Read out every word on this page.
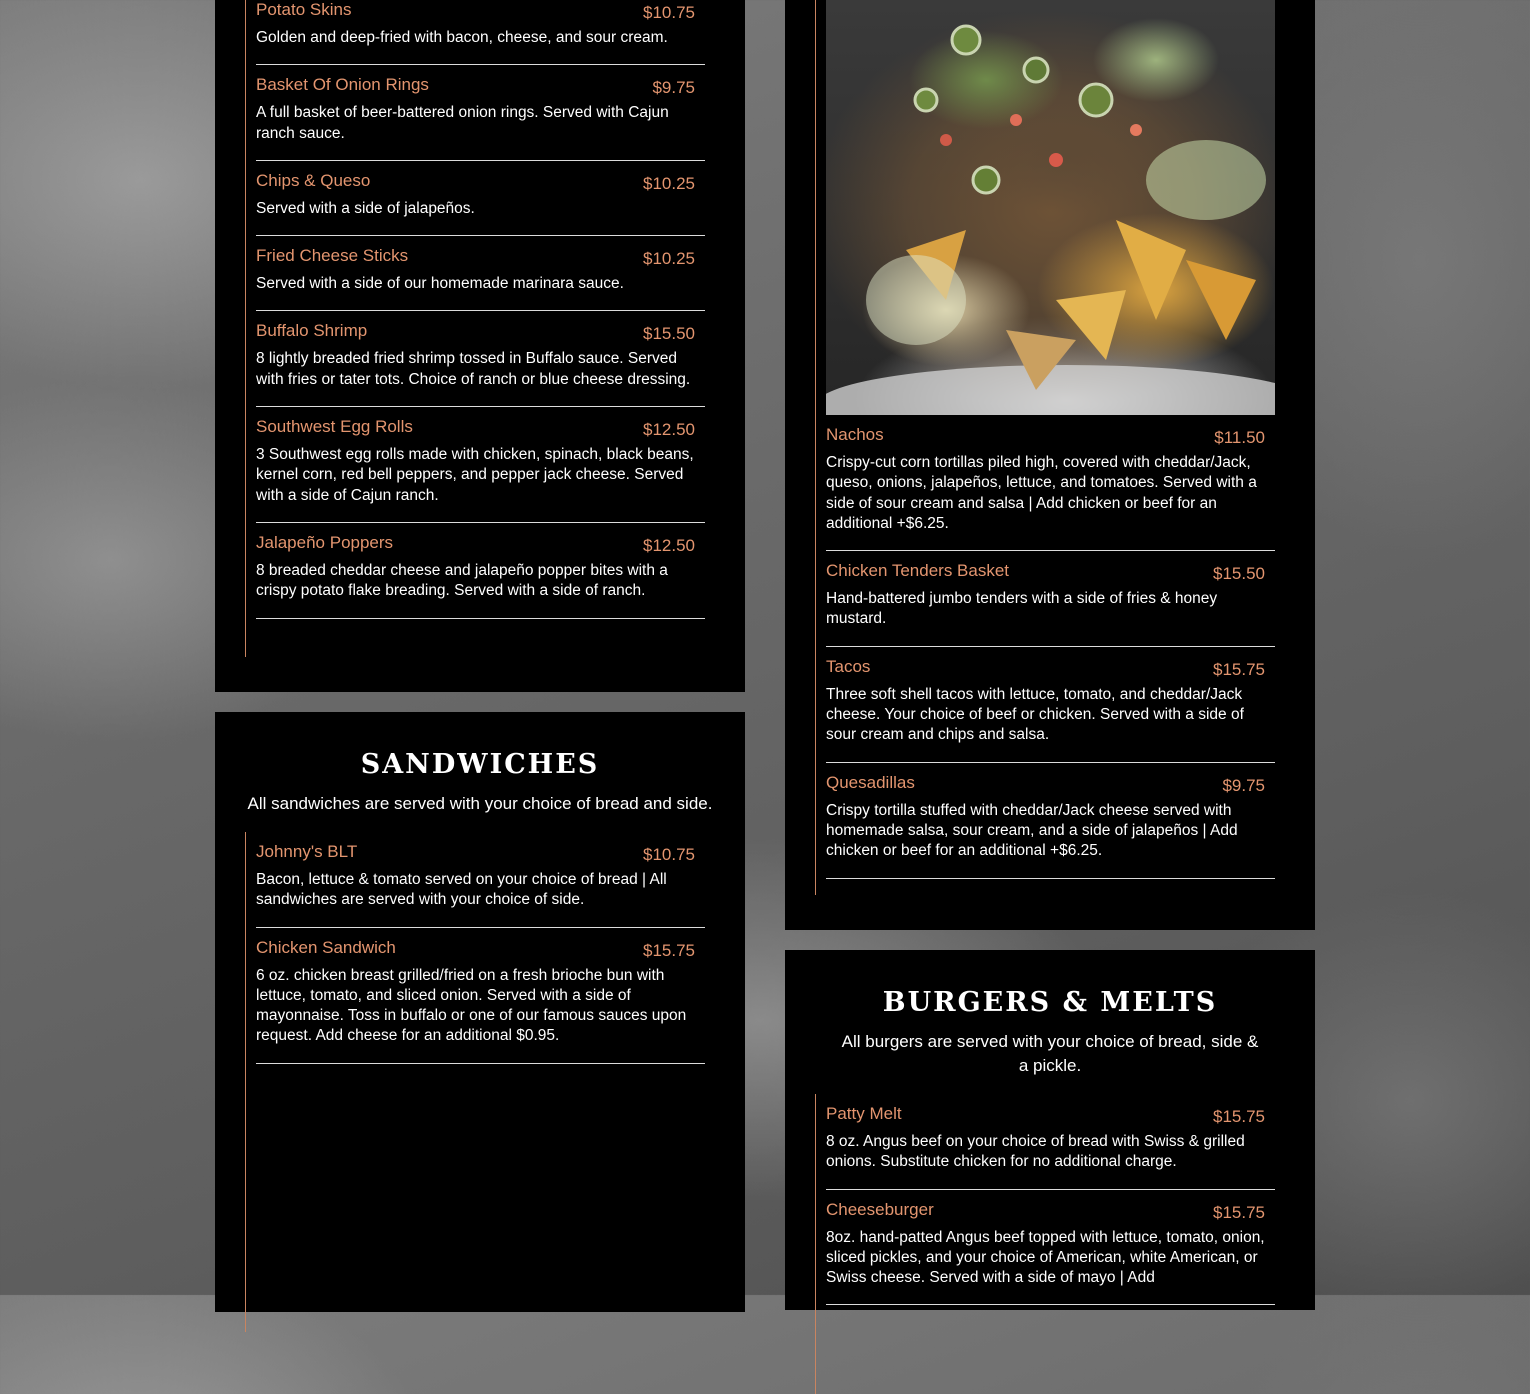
Potato Skins	$10.75
Golden and deep-fried with bacon, cheese, and sour cream.
Basket Of Onion Rings	$9.75
A full basket of beer-battered onion rings. Served with Cajun ranch sauce.
Chips & Queso	$10.25
Served with a side of jalapeños.
Fried Cheese Sticks	$10.25
Served with a side of our homemade marinara sauce.
Buffalo Shrimp	$15.50
8 lightly breaded fried shrimp tossed in Buffalo sauce. Served with fries or tater tots. Choice of ranch or blue cheese dressing.
Southwest Egg Rolls	$12.50
3 Southwest egg rolls made with chicken, spinach, black beans, kernel corn, red bell peppers, and pepper jack cheese. Served with a side of Cajun ranch.
Jalapeño Poppers	$12.50
8 breaded cheddar cheese and jalapeño popper bites with a crispy potato flake breading. Served with a side of ranch.
SANDWICHES
All sandwiches are served with your choice of bread and side.
Johnny's BLT	$10.75
Bacon, lettuce & tomato served on your choice of bread | All sandwiches are served with your choice of side.
Chicken Sandwich	$15.75
6 oz. chicken breast grilled/fried on a fresh brioche bun with lettuce, tomato, and sliced onion. Served with a side of mayonnaise. Toss in buffalo or one of our famous sauces upon request. Add cheese for an additional $0.95.
Nachos	$11.50
Crispy-cut corn tortillas piled high, covered with cheddar/Jack, queso, onions, jalapeños, lettuce, and tomatoes. Served with a side of sour cream and salsa | Add chicken or beef for an additional +$6.25.
Chicken Tenders Basket	$15.50
Hand-battered jumbo tenders with a side of fries & honey mustard.
Tacos	$15.75
Three soft shell tacos with lettuce, tomato, and cheddar/Jack cheese. Your choice of beef or chicken. Served with a side of sour cream and chips and salsa.
Quesadillas	$9.75
Crispy tortilla stuffed with cheddar/Jack cheese served with homemade salsa, sour cream, and a side of jalapeños | Add chicken or beef for an additional +$6.25.
BURGERS & MELTS
All burgers are served with your choice of bread, side & a pickle.
Patty Melt	$15.75
8 oz. Angus beef on your choice of bread with Swiss & grilled onions. Substitute chicken for no additional charge.
Cheeseburger	$15.75
8oz. hand-patted Angus beef topped with lettuce, tomato, onion, sliced pickles, and your choice of American, white American, or Swiss cheese. Served with a side of mayo | Add
